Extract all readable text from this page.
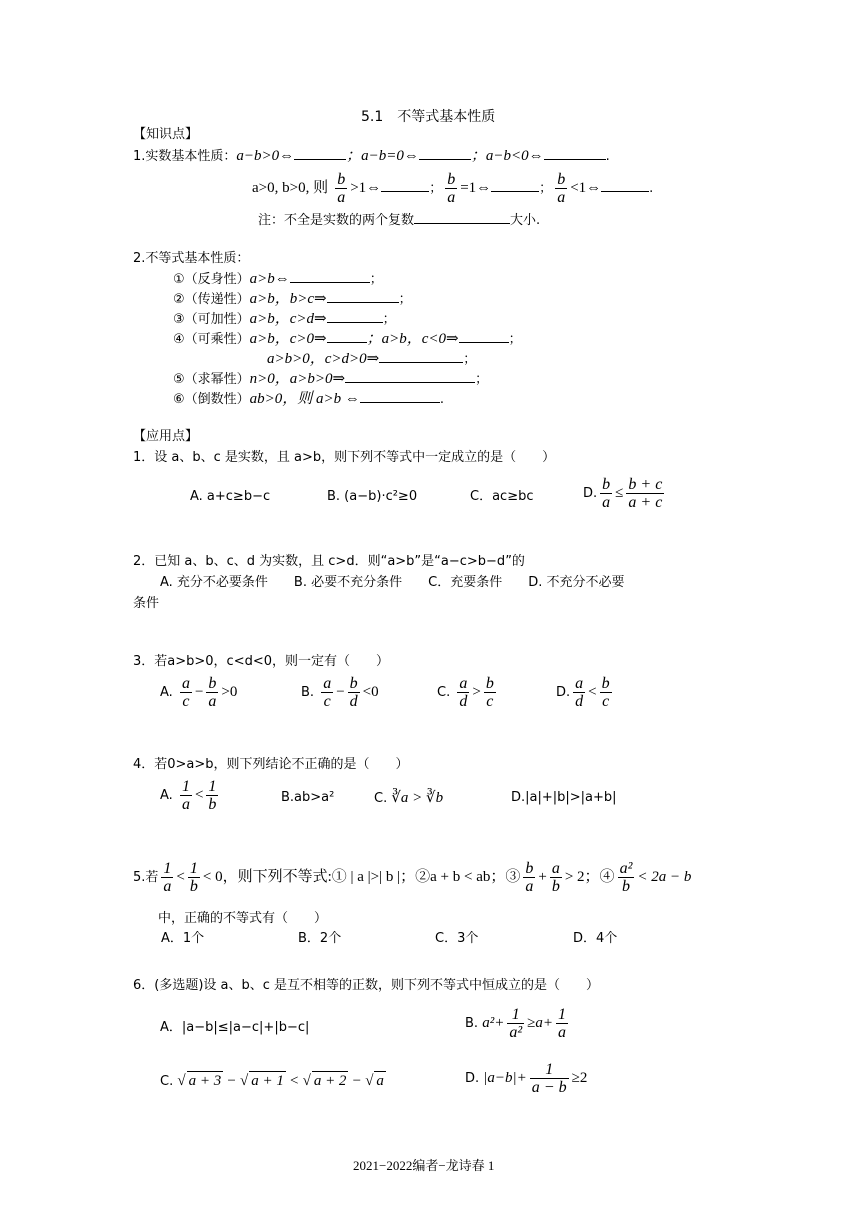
5.1　不等式基本性质
【知识点】
1.实数基本性质：a−b>0⇔	；a−b=0⇔	；a−b<0⇔	.
a>0, b>0, 则 $\frac{b}{a}$ >1⇔	； $\frac{b}{a}$ =1⇔	； $\frac{b}{a}$ <1⇔	.
注：不全是实数的两个复数	大小.
2.不等式基本性质：
①（反身性）a>b⇔	；
②（传递性）a>b，b>c⇒	；
③（可加性）a>b，c>d⇒	；
④（可乘性）a>b，c>0⇒	；a>b，c<0⇒	；
a>b>0，c>d>0⇒	；
⑤（求幂性）n>0，a>b>0⇒	；
⑥（倒数性）ab>0，则 a>b ⇔	.
【应用点】
1．设 a、b、c 是实数，且 a>b，则下列不等式中一定成立的是（　　）
A. a+c≥b−c	B. (a−b)·c²≥0	C．ac≥bc	D. $\frac{b}{a} \le \frac{b + c}{a + c}$
2．已知 a、b、c、d 为实数，且 c>d．则“a>b”是“a−c>b−d”的
A. 充分不必要条件　　B. 必要不充分条件　　C．充要条件　　D. 不充分不必要
条件
3．若a>b>0，c<d<0，则一定有（　　）
A. $\frac{a}{c} - \frac{b}{a} >0$	B. $\frac{a}{c} - \frac{b}{d} <0$	C. $\frac{a}{d} > \frac{b}{c}$	D. $\frac{a}{d} < \frac{b}{c}$
4．若0>a>b，则下列结论不正确的是（　　）
A. $\frac{1}{a} < \frac{1}{b}$	B.ab>a²	C. ∛a > ∛b	D.|a|+|b|>|a+b|
5.若 $\frac{1}{a} < \frac{1}{b} < 0$，则下列不等式:① | a |>| b |；②a + b < ab；③ $\frac{b}{a} + \frac{a}{b} > 2$；④ $\frac{\text{a²}}{b} < 2a - b$
中，正确的不等式有（　　）
A．1个	B．2个	C．3个	D．4个
6．(多选题)设 a、b、c 是互不相等的正数，则下列不等式中恒成立的是（　　）
A．|a−b|≤|a−c|+|b−c|	B. $a^2+ \frac{1}{\text{a²}} \ge a+ \frac{1}{a}$
C. √ a + 3 − √ a + 1 < √ a + 2 − √ a	D. $|a-b|+ \frac{1}{a - b} \ge 2$
2021−2022编者−龙诗春 1
